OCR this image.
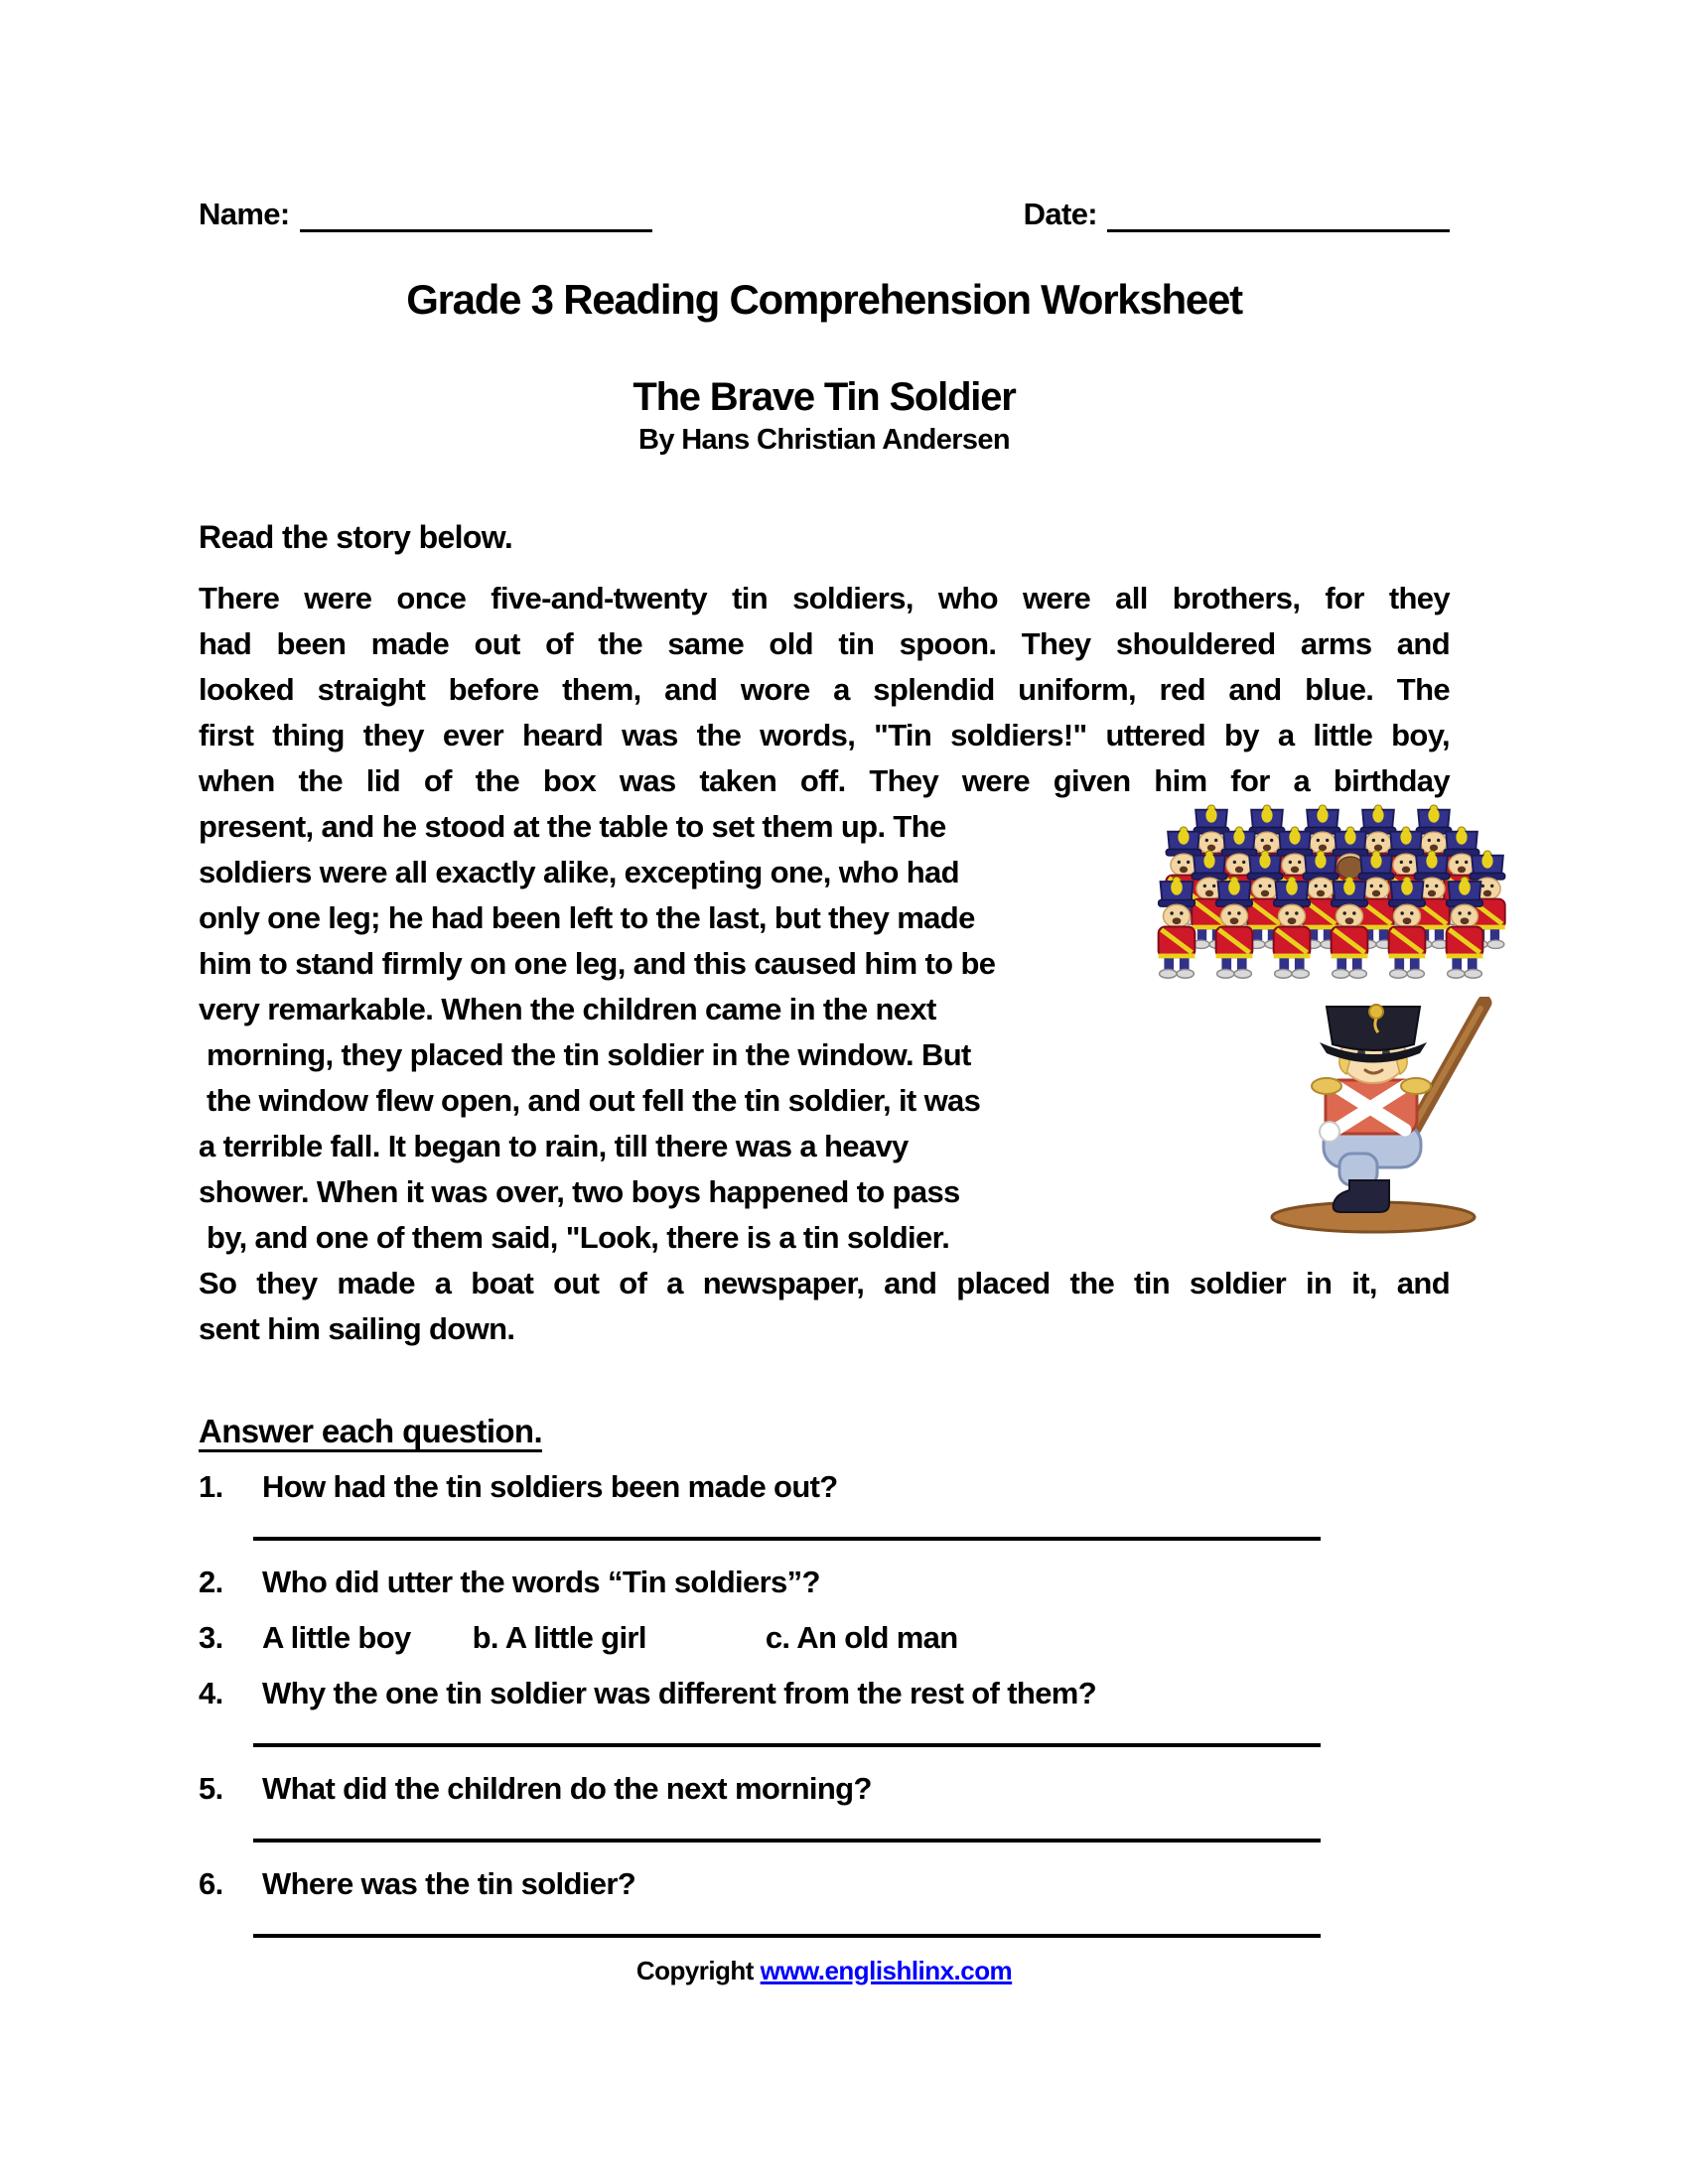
Name:	Date:
Grade 3 Reading Comprehension Worksheet
The Brave Tin Soldier
By Hans Christian Andersen
Read the story below.
There were once five-and-twenty tin soldiers, who were all brothers, for they
had been made out of the same old tin spoon. They shouldered arms and
looked straight before them, and wore a splendid uniform, red and blue. The
first thing they ever heard was the words, "Tin soldiers!" uttered by a little boy,
when the lid of the box was taken off. They were given him for a birthday
present, and he stood at the table to set them up. The
soldiers were all exactly alike, excepting one, who had
only one leg; he had been left to the last, but they made
him to stand firmly on one leg, and this caused him to be
very remarkable. When the children came in the next
morning, they placed the tin soldier in the window. But
the window flew open, and out fell the tin soldier, it was
a terrible fall. It began to rain, till there was a heavy
shower. When it was over, two boys happened to pass
by, and one of them said, "Look, there is a tin soldier.
So they made a boat out of a newspaper, and placed the tin soldier in it, and
sent him sailing down.
Answer each question.
1.	How had the tin soldiers been made out?
2.	Who did utter the words “Tin soldiers”?
3.	A little boy b. A little girl	c. An old man
4.	Why the one tin soldier was different from the rest of them?
5.	What did the children do the next morning?
6.	Where was the tin soldier?
Copyright www.englishlinx.com
